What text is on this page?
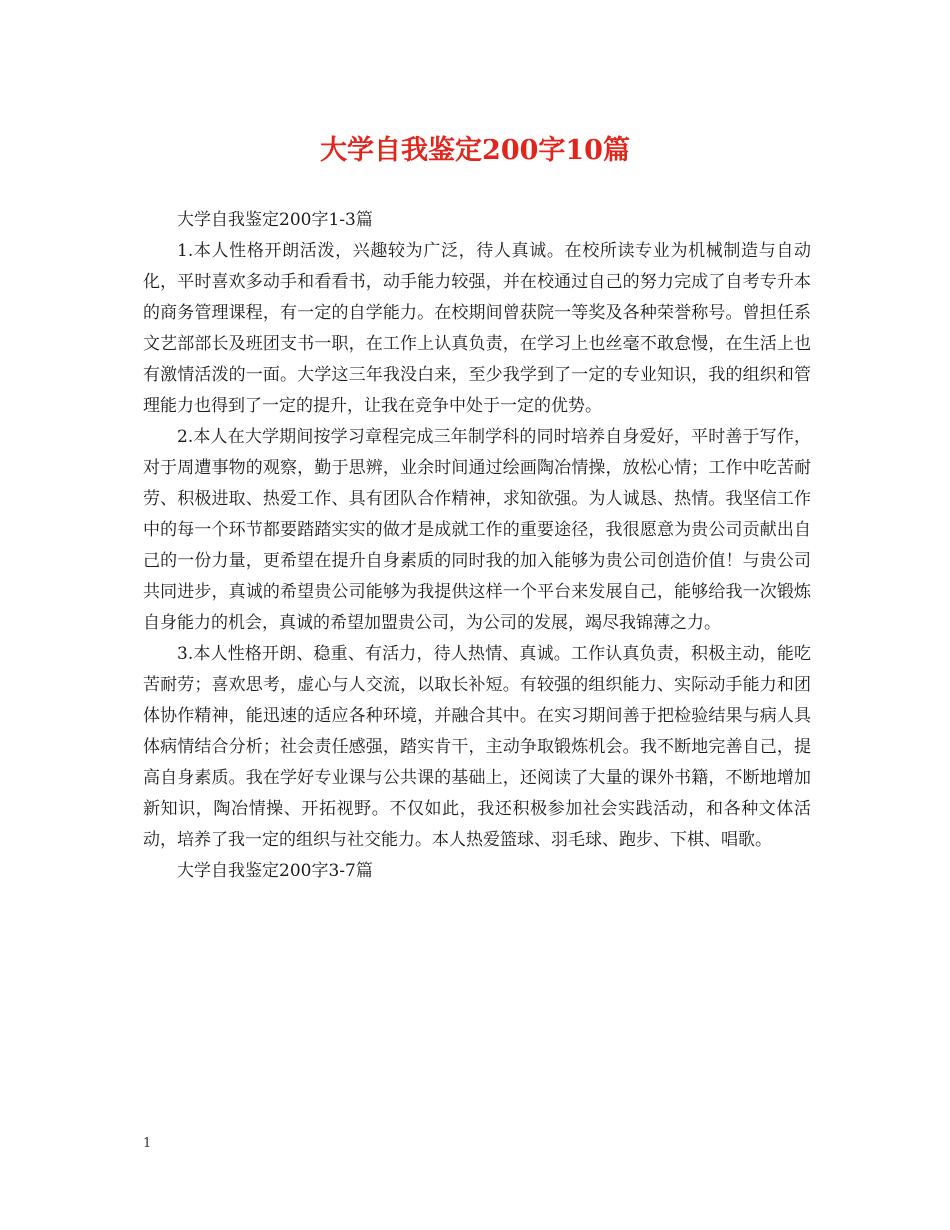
大学自我鉴定200字10篇

大学自我鉴定200字1-3篇

1.本人性格开朗活泼，兴趣较为广泛，待人真诚。在校所读专业为机械制造与自动化，平时喜欢多动手和看看书，动手能力较强，并在校通过自己的努力完成了自考专升本的商务管理课程，有一定的自学能力。在校期间曾获院一等奖及各种荣誉称号。曾担任系文艺部部长及班团支书一职，在工作上认真负责，在学习上也丝毫不敢怠慢，在生活上也有激情活泼的一面。大学这三年我没白来，至少我学到了一定的专业知识，我的组织和管理能力也得到了一定的提升，让我在竞争中处于一定的优势。

2.本人在大学期间按学习章程完成三年制学科的同时培养自身爱好，平时善于写作，对于周遭事物的观察，勤于思辨，业余时间通过绘画陶冶情操，放松心情；工作中吃苦耐劳、积极进取、热爱工作、具有团队合作精神，求知欲强。为人诚恳、热情。我坚信工作中的每一个环节都要踏踏实实的做才是成就工作的重要途径，我很愿意为贵公司贡献出自己的一份力量，更希望在提升自身素质的同时我的加入能够为贵公司创造价值！与贵公司共同进步，真诚的希望贵公司能够为我提供这样一个平台来发展自己，能够给我一次锻炼自身能力的机会，真诚的希望加盟贵公司，为公司的发展，竭尽我锦薄之力。

3.本人性格开朗、稳重、有活力，待人热情、真诚。工作认真负责，积极主动，能吃苦耐劳；喜欢思考，虚心与人交流，以取长补短。有较强的组织能力、实际动手能力和团体协作精神，能迅速的适应各种环境，并融合其中。在实习期间善于把检验结果与病人具体病情结合分析；社会责任感强，踏实肯干，主动争取锻炼机会。我不断地完善自己，提高自身素质。我在学好专业课与公共课的基础上，还阅读了大量的课外书籍，不断地增加新知识，陶冶情操、开拓视野。不仅如此，我还积极参加社会实践活动，和各种文体活动，培养了我一定的组织与社交能力。本人热爱篮球、羽毛球、跑步、下棋、唱歌。

大学自我鉴定200字3-7篇

1
